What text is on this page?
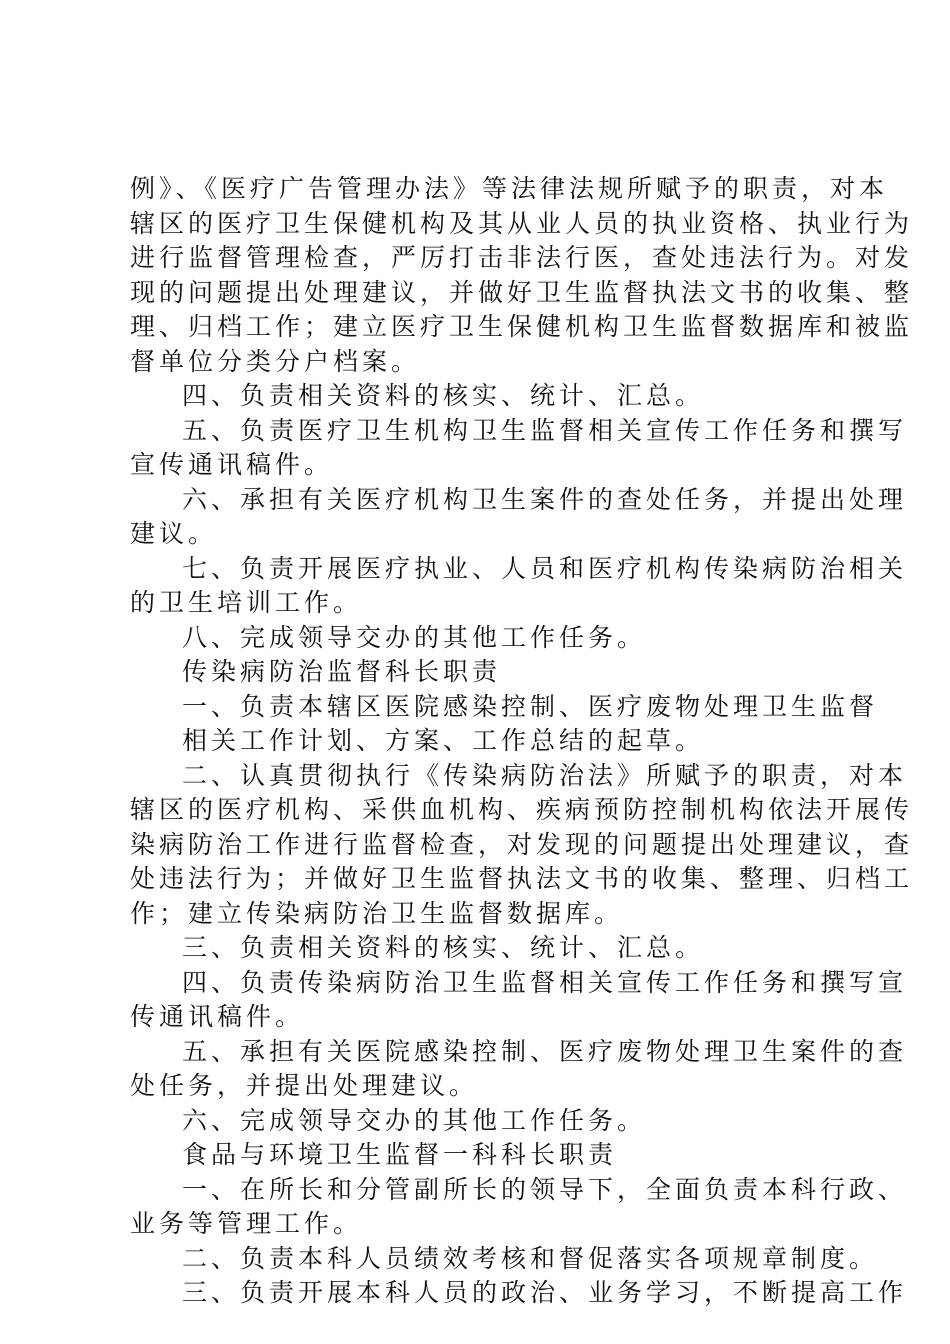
例》、《医疗广告管理办法》等法律法规所赋予的职责，对本
辖区的医疗卫生保健机构及其从业人员的执业资格、执业行为
进行监督管理检查，严厉打击非法行医，查处违法行为。对发
现的问题提出处理建议，并做好卫生监督执法文书的收集、整
理、归档工作；建立医疗卫生保健机构卫生监督数据库和被监
督单位分类分户档案。
四、负责相关资料的核实、统计、汇总。
五、负责医疗卫生机构卫生监督相关宣传工作任务和撰写
宣传通讯稿件。
六、承担有关医疗机构卫生案件的查处任务，并提出处理
建议。
七、负责开展医疗执业、人员和医疗机构传染病防治相关
的卫生培训工作。
八、完成领导交办的其他工作任务。
传染病防治监督科长职责
一、负责本辖区医院感染控制、医疗废物处理卫生监督
相关工作计划、方案、工作总结的起草。
二、认真贯彻执行《传染病防治法》所赋予的职责，对本
辖区的医疗机构、采供血机构、疾病预防控制机构依法开展传
染病防治工作进行监督检查，对发现的问题提出处理建议，查
处违法行为；并做好卫生监督执法文书的收集、整理、归档工
作；建立传染病防治卫生监督数据库。
三、负责相关资料的核实、统计、汇总。
四、负责传染病防治卫生监督相关宣传工作任务和撰写宣
传通讯稿件。
五、承担有关医院感染控制、医疗废物处理卫生案件的查
处任务，并提出处理建议。
六、完成领导交办的其他工作任务。
食品与环境卫生监督一科科长职责
一、在所长和分管副所长的领导下，全面负责本科行政、
业务等管理工作。
二、负责本科人员绩效考核和督促落实各项规章制度。
三、负责开展本科人员的政治、业务学习，不断提高工作
